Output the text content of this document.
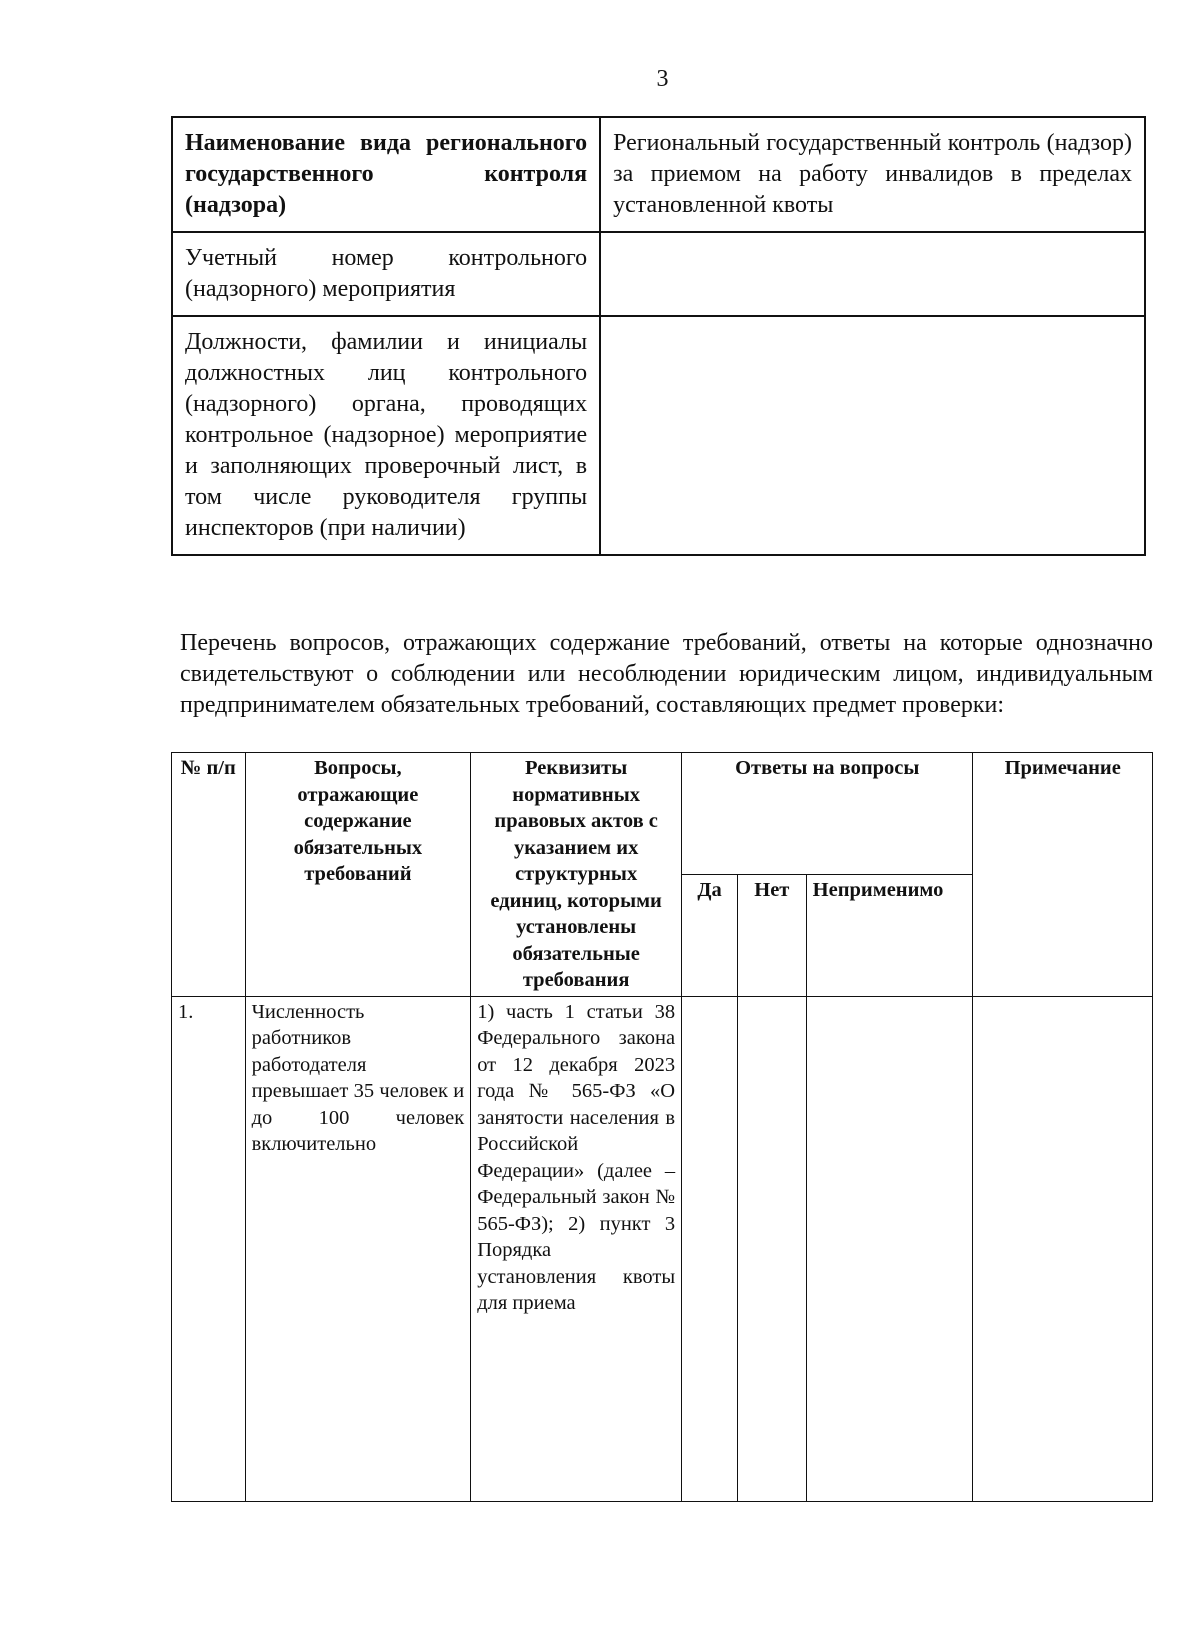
3
Наименование вида регионального государственного контроля (надзора)	Региональный государственный контроль (надзор) за приемом на работу инвалидов в пределах установленной квоты
Учетный номер контрольного (надзорного) мероприятия	
Должности, фамилии и инициалы должностных лиц контрольного (надзорного) органа, проводящих контрольное (надзорное) мероприятие и заполняющих проверочный лист, в том числе руководителя группы инспекторов (при наличии)	

Перечень вопросов, отражающих содержание требований, ответы на которые однозначно свидетельствуют о соблюдении или несоблюдении юридическим лицом, индивидуальным предпринимателем обязательных требований, составляющих предмет проверки:

№ п/п	Вопросы, отражающие содержание обязательных требований	Реквизиты нормативных правовых актов с указанием их структурных единиц, которыми установлены обязательные требования	Ответы на вопросы			Примечание
			Да	Нет	Неприменимо	
1.	Численность работников работодателя превышает 35 человек и до 100 человек включительно	1) часть 1 статьи 38 Федерального закона от 12 декабря 2023 года № 565-ФЗ «О занятости населения в Российской Федерации» (далее – Федеральный закон № 565-ФЗ); 2) пункт 3 Порядка установления квоты для приема				
